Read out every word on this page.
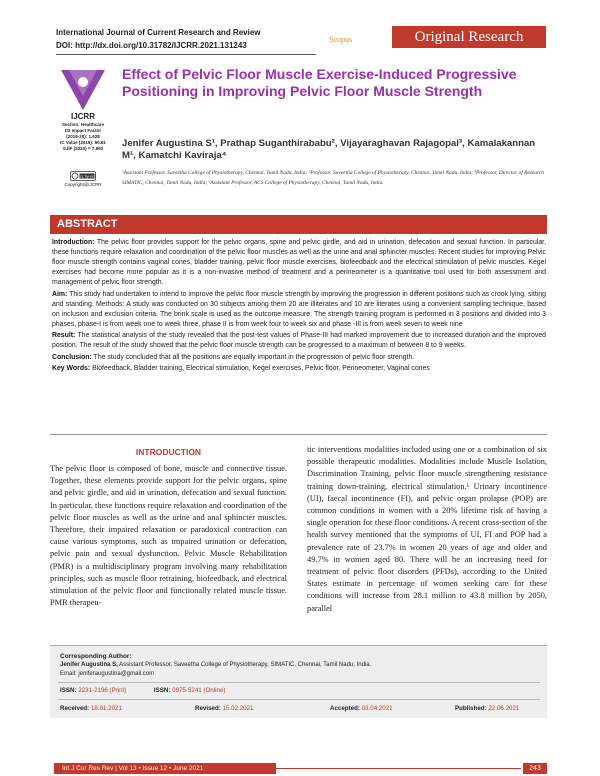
International Journal of Current Research and Review
DOI: http://dx.doi.org/10.31782/IJCRR.2021.131243
Scopus	Original Research
IJCRR
Section: Healthcare
ISI Impact Factor
(2019-20): 1.628
IC Value (2019): 90.81
SJIF (2020) = 7.893
cc by-nc
Copyright@IJCRR
Effect of Pelvic Floor Muscle Exercise-Induced Progressive Positioning in Improving Pelvic Floor Muscle Strength
Jenifer Augustina S¹, Prathap Suganthirababu², Vijayaraghavan Rajagopal³, Kamalakannan M¹, Kamatchi Kaviraja⁴
¹Assistant Professor, Saveetha College of Physiotherapy, Chennai, Tamil Nadu, India; ²Professor, Saveetha College of Physiotherapy, Chennai, Tamil Nadu, India; ³Professor, Director of Research SIMATIC, Chennai, Tamil Nadu, India; ⁴Assistant Professor, ACS College of Physiotherapy, Chennai, Tamil Nadu, India.
ABSTRACT

Introduction: The pelvic floor provides support for the pelvic organs, spine and pelvic girdle, and aid in urination, defecation and sexual function. In particular, these functions require relaxation and coordination of the pelvic floor muscles as well as the urine and anal sphincter muscles. Recent studies for improving Pelvic floor muscle strength contains vaginal cones, bladder training, pelvic floor muscle exercises, biofeedback and the electrical stimulation of pelvic muscles. Kegel exercises had become more popular as it is a non-invasive method of treatment and a perineometer is a quantitative tool used for both assessment and management of pelvic floor strength.

Aim: This study had undertaken to intend to improve the pelvic floor muscle strength by improving the progression in different positions such as crook lying, sitting and standing. Methods: A study was conducted on 30 subjects among them 20 are illiterates and 10 are literates using a convenient sampling technique, based on inclusion and exclusion criteria. The brink scale is used as the outcome measure. The strength training program is performed in 3 positions and divided into 3 phases, phase-I is from week one to week three, phase II is from week four to week six and phase -III is from week seven to week nine

Result: The statistical analysis of the study revealed that the post-test values of Phase-III had marked improvement due to increased duration and the improved position. The result of the study showed that the pelvic floor muscle strength can be progressed to a maximum of between 8 to 9 weeks.

Conclusion: The study concluded that all the positions are equally important in the progression of pelvic floor strength.

Key Words: Biofeedback, Bladder training, Electrical stimulation, Kegel exercises, Pelvic floor, Perineometer, Vaginal cones

INTRODUCTION
The pelvic floor is composed of bone, muscle and connective tissue. Together, these elements provide support for the pelvic organs, spine and pelvic girdle, and aid in urination, defecation and sexual function. In particular, these functions require relaxation and coordination of the pelvic floor muscles as well as the urine and anal sphincter muscles. Therefore, their impaired relaxation or paradoxical contraction can cause various symptoms, such as impaired urination or defecation, pelvic pain and sexual dysfunction. Pelvic Muscle Rehabilitation (PMR) is a multidisciplinary program involving many rehabilitation principles, such as muscle floor retraining, biofeedback, and electrical stimulation of the pelvic floor and functionally related muscle tissue. PMR therapeu-
tic interventions modalities included using one or a combination of six possible therapeutic modalities. Modalities include Muscle Isolation, Discrimination Training, pelvic floor muscle strengthening resistance training down-training, electrical stimulation.¹ Urinary incontinence (UI), faecal incontinence (FI), and pelvic organ prolapse (POP) are common conditions in women with a 20% lifetime risk of having a single operation for these floor conditions. A recent cross-section of the health survey mentioned that the symptoms of UI, FI and POP had a prevalence rate of 23.7% in women 20 years of age and older and 49.7% in women aged 80. There will be an increasing need for treatment of pelvic floor disorders (PFDs), according to the United States estimate in percentage of women seeking care for these conditions will increase from 28.1 million to 43.8 million by 2050, parallel
Corresponding Author:
Jenifer Augustina S, Assistant Professor, Saveetha College of Physiotherapy, SIMATIC, Chennai, Tamil Nadu, India.
Email: jeniferaugustina@gmail.com
ISSN: 2231-2196 (Print)	ISSN: 0975-5241 (Online)
Received: 18.01.2021	Revised: 15.02.2021	Accepted: 03.04.2021	Published: 22.06.2021
Int J Cur Res Rev | Vol 13 • Issue 12 • June 2021	243
